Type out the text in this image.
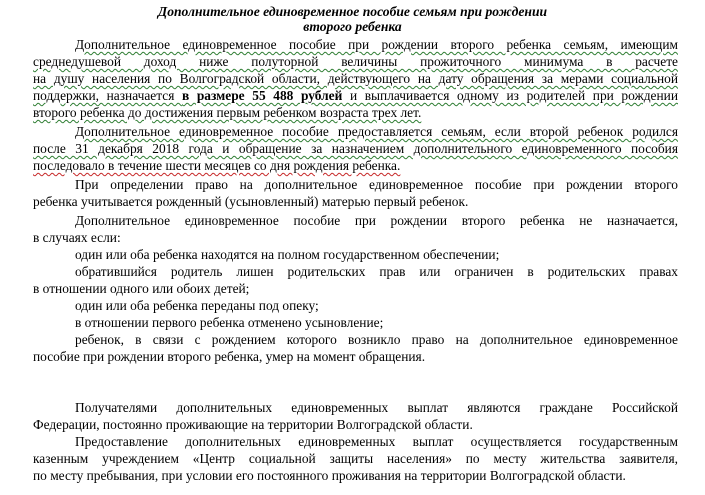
Дополнительное единовременное пособие семьям при рождении
второго ребенка
Дополнительное единовременное пособие при рождении второго ребенка семьям, имеющим
среднедушевой доход ниже полуторной величины прожиточного минимума в расчете
на душу населения по Волгоградской области, действующего на дату обращения за мерами социальной
поддержки, назначается в размере 55 488 рублей и выплачивается одному из родителей при рождении
второго ребенка до достижения первым ребенком возраста трех лет.
Дополнительное единовременное пособие предоставляется семьям, если второй ребенок родился
после 31 декабря 2018 года и обращение за назначением дополнительного единовременного пособия
последовало в течение шести месяцев со дня рождения ребенка.
При определении право на дополнительное единовременное пособие при рождении второго
ребенка учитывается рожденный (усыновленный) матерью первый ребенок.
Дополнительное единовременное пособие при рождении второго ребенка не назначается,
в случаях если:
один или оба ребенка находятся на полном государственном обеспечении;
обратившийся родитель лишен родительских прав или ограничен в родительских правах
в отношении одного или обоих детей;
один или оба ребенка переданы под опеку;
в отношении первого ребенка отменено усыновление;
ребенок, в связи с рождением которого возникло право на дополнительное единовременное
пособие при рождении второго ребенка, умер на момент обращения.
Получателями дополнительных единовременных выплат являются граждане Российской
Федерации, постоянно проживающие на территории Волгоградской области.
Предоставление дополнительных единовременных выплат осуществляется государственным
казенным учреждением «Центр социальной защиты населения» по месту жительства заявителя,
по месту пребывания, при условии его постоянного проживания на территории Волгоградской области.
